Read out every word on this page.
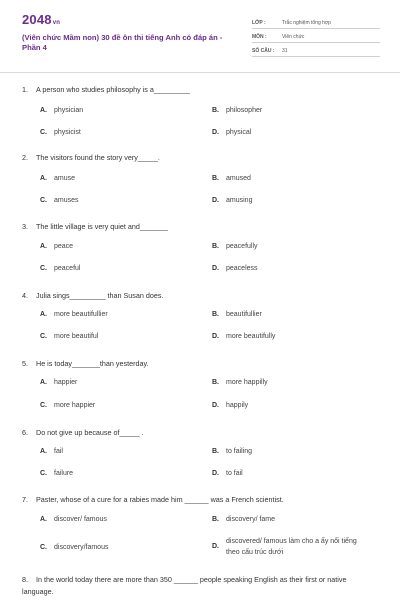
2048vn
(Viên chức Mầm non) 30 đề ôn thi tiếng Anh có đáp án - Phần 4
LỚP :	Trắc nghiệm tổng hợp
MÔN :	Viên chức
SỐ CÂU : 31
1. A person who studies philosophy is a_________
A. physician	B. philosopher
C. physicist	D. physical
2. The visitors found the story very_____.
A. amuse	B. amused
C. amuses	D. amusing
3. The little village is very quiet and_______
A. peace	B. peacefully
C. peaceful	D. peaceless
4. Julia sings_________ than Susan does.
A. more beautifullier	B. beautifullier
C. more beautiful	D. more beautifully
5. He is today_______than yesterday.
A. happier	B. more happilly
C. more happier	D. happily
6. Do not give up because of_____ .
A. fail	B. to failing
C. failure	D. to fail
7. Paster, whose of a cure for a rabies made him ______ was a French scientist.
A. discover/ famous	B. discovery/ fame
C. discovery/famous	D.
discovered/ famous làm cho a ấy nổi tiếng theo cấu trúc dưới
8. In the world today there are more than 350 ______ people speaking English as their first or native language.
